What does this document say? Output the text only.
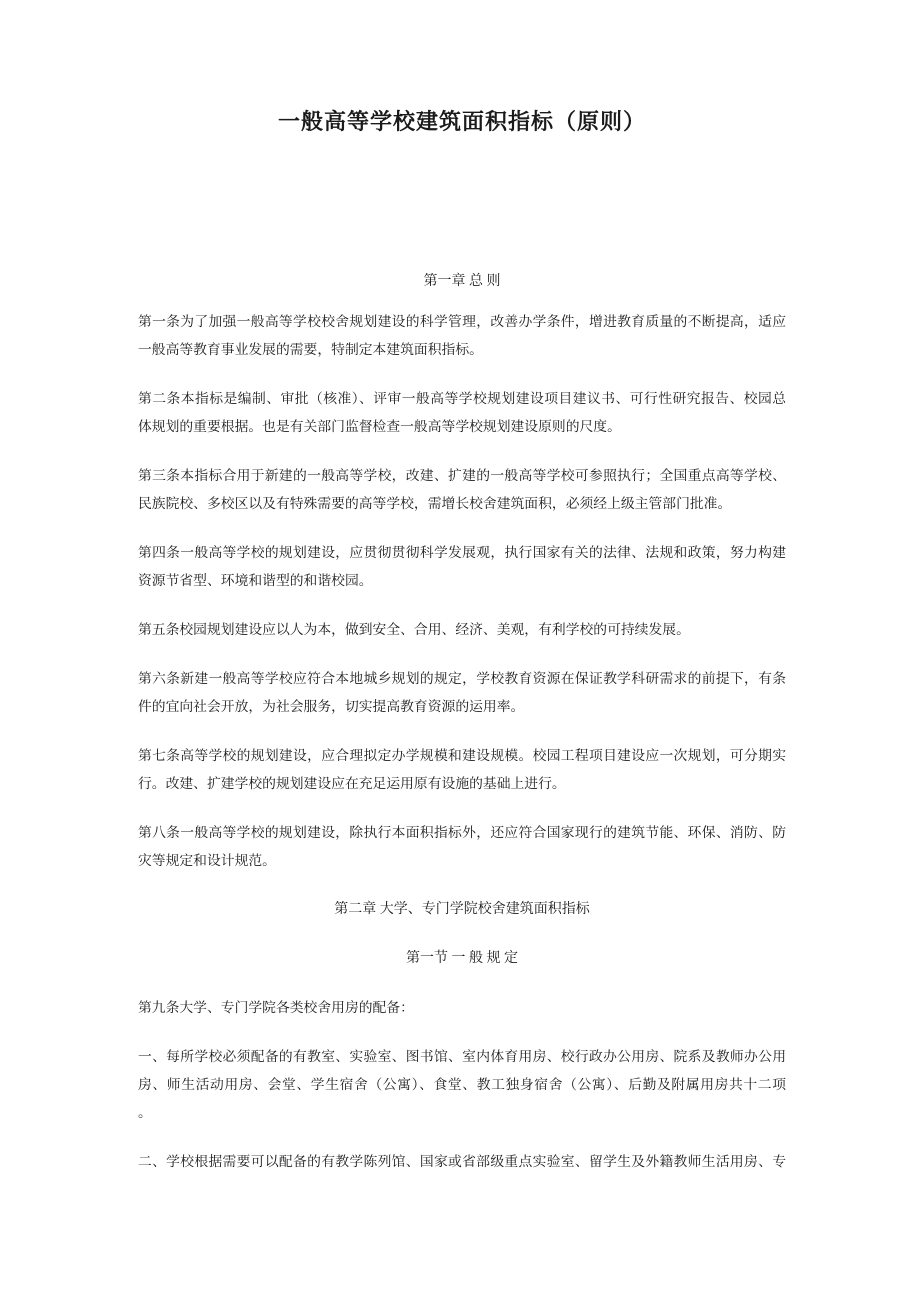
一般高等学校建筑面积指标（原则）
第一章 总 则
第一条为了加强一般高等学校校舍规划建设的科学管理，改善办学条件，增进教育质量的不断提高，适应
一般高等教育事业发展的需要，特制定本建筑面积指标。
第二条本指标是编制、审批（核准）、评审一般高等学校规划建设项目建议书、可行性研究报告、校园总
体规划的重要根据。也是有关部门监督检查一般高等学校规划建设原则的尺度。
第三条本指标合用于新建的一般高等学校，改建、扩建的一般高等学校可参照执行；全国重点高等学校、
民族院校、多校区以及有特殊需要的高等学校，需增长校舍建筑面积，必须经上级主管部门批准。
第四条一般高等学校的规划建设，应贯彻贯彻科学发展观，执行国家有关的法律、法规和政策，努力构建
资源节省型、环境和谐型的和谐校园。
第五条校园规划建设应以人为本，做到安全、合用、经济、美观，有利学校的可持续发展。
第六条新建一般高等学校应符合本地城乡规划的规定，学校教育资源在保证教学科研需求的前提下，有条
件的宜向社会开放，为社会服务，切实提高教育资源的运用率。
第七条高等学校的规划建设，应合理拟定办学规模和建设规模。校园工程项目建设应一次规划，可分期实
行。改建、扩建学校的规划建设应在充足运用原有设施的基础上进行。
第八条一般高等学校的规划建设，除执行本面积指标外，还应符合国家现行的建筑节能、环保、消防、防
灾等规定和设计规范。
第二章 大学、专门学院校舍建筑面积指标
第一节 一 般 规 定
第九条大学、专门学院各类校舍用房的配备：
一、每所学校必须配备的有教室、实验室、图书馆、室内体育用房、校行政办公用房、院系及教师办公用
房、师生活动用房、会堂、学生宿舍（公寓）、食堂、教工独身宿舍（公寓）、后勤及附属用房共十二项
。
二、学校根据需要可以配备的有教学陈列馆、国家或省部级重点实验室、留学生及外籍教师生活用房、专
